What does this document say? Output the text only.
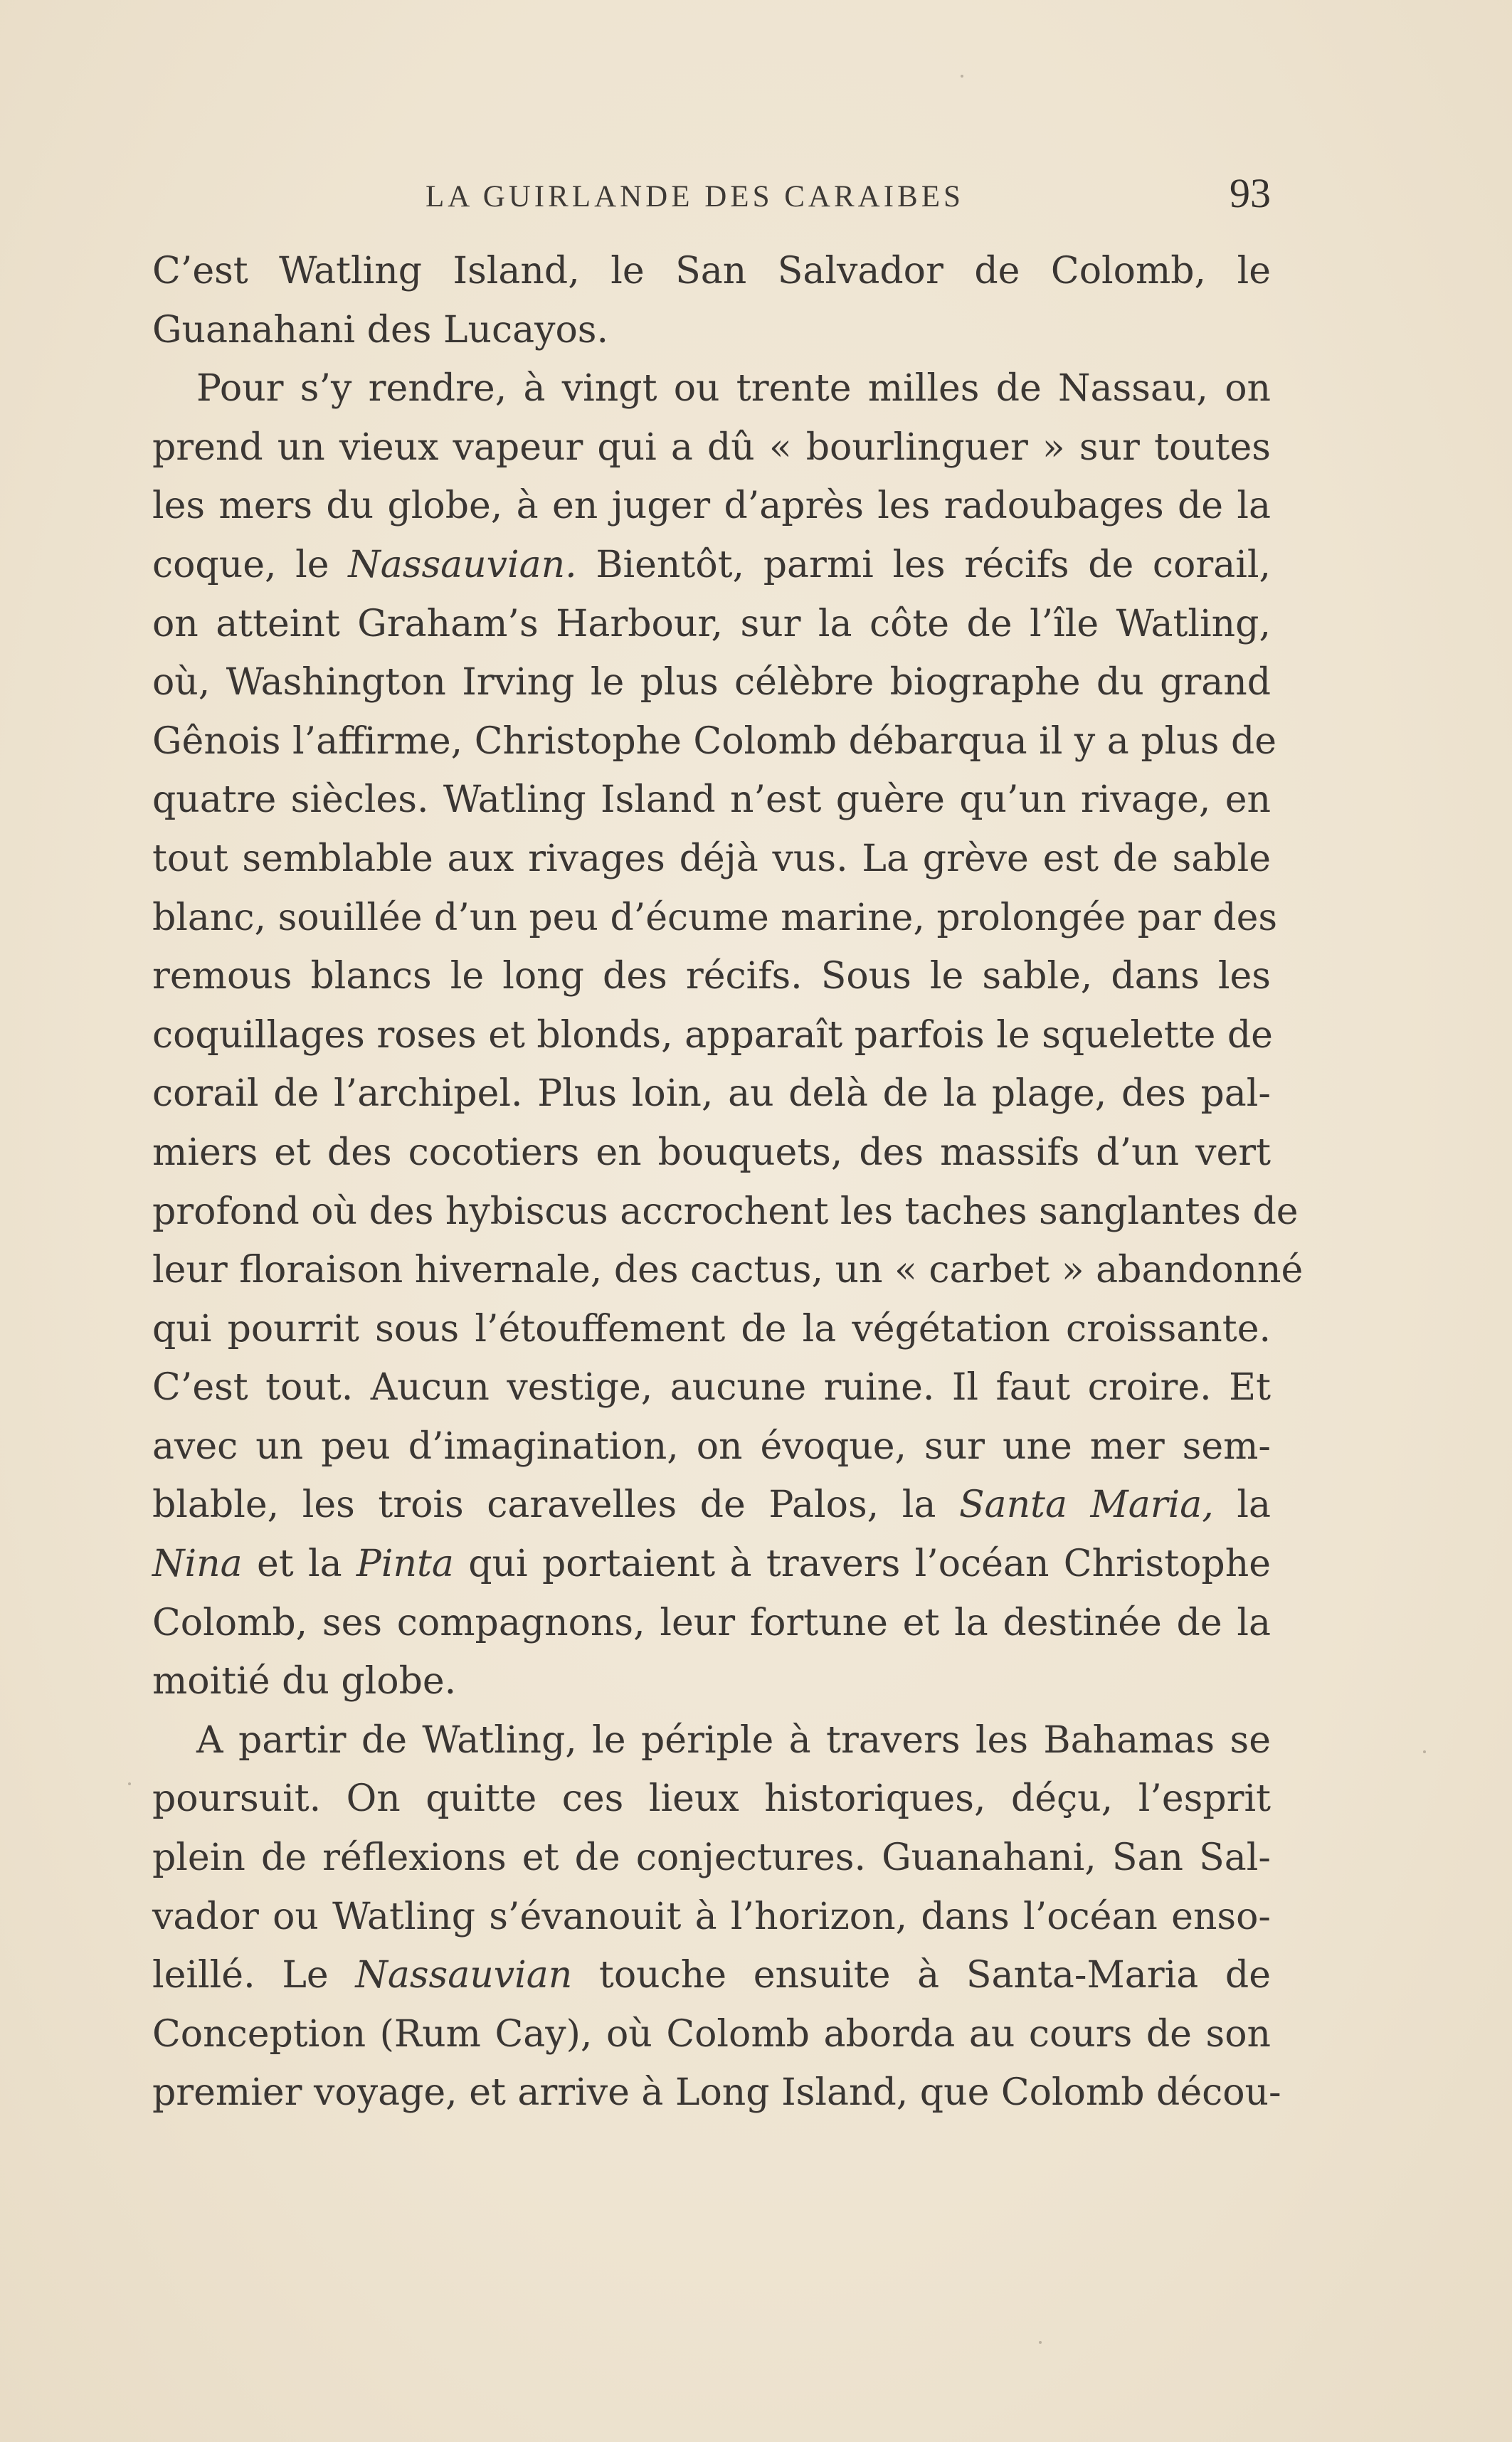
LA GUIRLANDE DES CARAIBES	93
C’est Watling Island, le San Salvador de Colomb, le
Guanahani des Lucayos.
Pour s’y rendre, à vingt ou trente milles de Nassau, on
prend un vieux vapeur qui a dû « bourlinguer » sur toutes
les mers du globe, à en juger d’après les radoubages de la
coque, le Nassauvian. Bientôt, parmi les récifs de corail,
on atteint Graham’s Harbour, sur la côte de l’île Watling,
où, Washington Irving le plus célèbre biographe du grand
Gênois l’affirme, Christophe Colomb débarqua il y a plus de
quatre siècles. Watling Island n’est guère qu’un rivage, en
tout semblable aux rivages déjà vus. La grève est de sable
blanc, souillée d’un peu d’écume marine, prolongée par des
remous blancs le long des récifs. Sous le sable, dans les
coquillages roses et blonds, apparaît parfois le squelette de
corail de l’archipel. Plus loin, au delà de la plage, des pal-
miers et des cocotiers en bouquets, des massifs d’un vert
profond où des hybiscus accrochent les taches sanglantes de
leur floraison hivernale, des cactus, un « carbet » abandonné
qui pourrit sous l’étouffement de la végétation croissante.
C’est tout. Aucun vestige, aucune ruine. Il faut croire. Et
avec un peu d’imagination, on évoque, sur une mer sem-
blable, les trois caravelles de Palos, la Santa Maria, la
Nina et la Pinta qui portaient à travers l’océan Christophe
Colomb, ses compagnons, leur fortune et la destinée de la
moitié du globe.
A partir de Watling, le périple à travers les Bahamas se
poursuit. On quitte ces lieux historiques, déçu, l’esprit
plein de réflexions et de conjectures. Guanahani, San Sal-
vador ou Watling s’évanouit à l’horizon, dans l’océan enso-
leillé. Le Nassauvian touche ensuite à Santa-Maria de
Conception (Rum Cay), où Colomb aborda au cours de son
premier voyage, et arrive à Long Island, que Colomb décou-
